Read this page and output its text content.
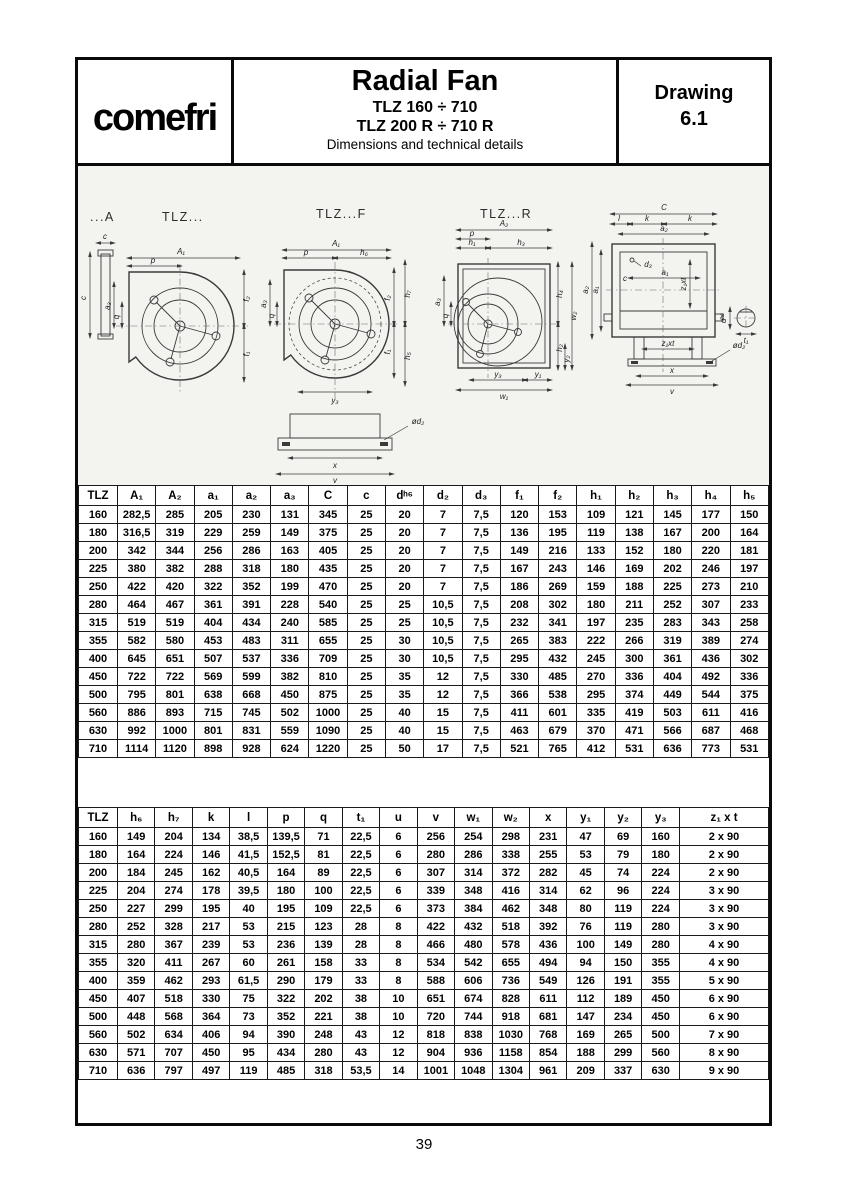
comefri
Radial Fan
TLZ 160 ÷ 710
TLZ 200 R ÷ 710 R
Dimensions and technical details
Drawing
6.1
...A	TLZ...	TLZ...F	TLZ...R
c
c
A₁
p
a₃
q
f₂
f₁
A₁
p	h₆
a₃
q
f₂
f₁
h₇
h₅
y₃
ød₂
x
v
A₂
p
h₁	h₃
a₃
q
h₄
w₂
h₂
y₂
y₃	y₁
w₁
ød₂
C
l	k	k
a₂
a₂ a₁
d₃
c
a₁
z₁xt
z₁xt
x
v
dʰ⁶
t₁
TLZ	A₁	A₂	a₁	a₂	a₃	C	c	dʰ⁶	d₂	d₃	f₁	f₂	h₁	h₂	h₃	h₄	h₅
160	282,5	285	205	230	131	345	25	20	7	7,5	120	153	109	121	145	177	150
180	316,5	319	229	259	149	375	25	20	7	7,5	136	195	119	138	167	200	164
200	342	344	256	286	163	405	25	20	7	7,5	149	216	133	152	180	220	181
225	380	382	288	318	180	435	25	20	7	7,5	167	243	146	169	202	246	197
250	422	420	322	352	199	470	25	20	7	7,5	186	269	159	188	225	273	210
280	464	467	361	391	228	540	25	25	10,5	7,5	208	302	180	211	252	307	233
315	519	519	404	434	240	585	25	25	10,5	7,5	232	341	197	235	283	343	258
355	582	580	453	483	311	655	25	30	10,5	7,5	265	383	222	266	319	389	274
400	645	651	507	537	336	709	25	30	10,5	7,5	295	432	245	300	361	436	302
450	722	722	569	599	382	810	25	35	12	7,5	330	485	270	336	404	492	336
500	795	801	638	668	450	875	25	35	12	7,5	366	538	295	374	449	544	375
560	886	893	715	745	502	1000	25	40	15	7,5	411	601	335	419	503	611	416
630	992	1000	801	831	559	1090	25	40	15	7,5	463	679	370	471	566	687	468
710	1114	1120	898	928	624	1220	25	50	17	7,5	521	765	412	531	636	773	531
TLZ	h₆	h₇	k	l	p	q	t₁	u	v	w₁	w₂	x	y₁	y₂	y₃	z₁ x t
160	149	204	134	38,5	139,5	71	22,5	6	256	254	298	231	47	69	160	2 x 90
180	164	224	146	41,5	152,5	81	22,5	6	280	286	338	255	53	79	180	2 x 90
200	184	245	162	40,5	164	89	22,5	6	307	314	372	282	45	74	224	2 x 90
225	204	274	178	39,5	180	100	22,5	6	339	348	416	314	62	96	224	3 x 90
250	227	299	195	40	195	109	22,5	6	373	384	462	348	80	119	224	3 x 90
280	252	328	217	53	215	123	28	8	422	432	518	392	76	119	280	3 x 90
315	280	367	239	53	236	139	28	8	466	480	578	436	100	149	280	4 x 90
355	320	411	267	60	261	158	33	8	534	542	655	494	94	150	355	4 x 90
400	359	462	293	61,5	290	179	33	8	588	606	736	549	126	191	355	5 x 90
450	407	518	330	75	322	202	38	10	651	674	828	611	112	189	450	6 x 90
500	448	568	364	73	352	221	38	10	720	744	918	681	147	234	450	6 x 90
560	502	634	406	94	390	248	43	12	818	838	1030	768	169	265	500	7 x 90
630	571	707	450	95	434	280	43	12	904	936	1158	854	188	299	560	8 x 90
710	636	797	497	119	485	318	53,5	14	1001	1048	1304	961	209	337	630	9 x 90
39
